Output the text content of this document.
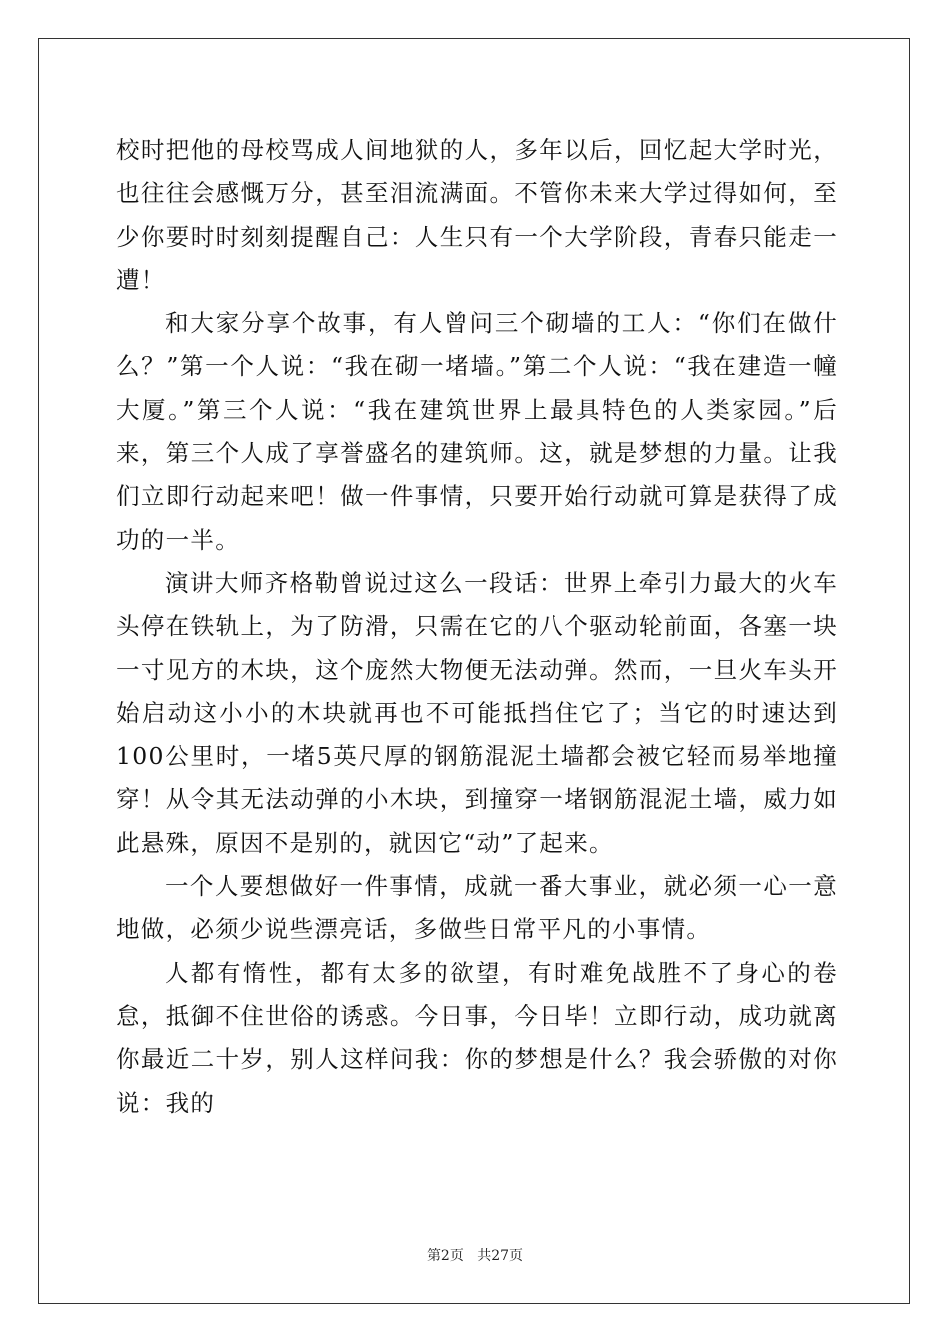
校时把他的母校骂成人间地狱的人，多年以后，回忆起大学时光，也往往会感慨万分，甚至泪流满面。不管你未来大学过得如何，至少你要时时刻刻提醒自己：人生只有一个大学阶段，青春只能走一遭！

和大家分享个故事，有人曾问三个砌墙的工人：“你们在做什么？”第一个人说：“我在砌一堵墙。”第二个人说：“我在建造一幢大厦。”第三个人说：“我在建筑世界上最具特色的人类家园。”后来，第三个人成了享誉盛名的建筑师。这，就是梦想的力量。让我们立即行动起来吧！做一件事情，只要开始行动就可算是获得了成功的一半。

演讲大师齐格勒曾说过这么一段话：世界上牵引力最大的火车头停在铁轨上，为了防滑，只需在它的八个驱动轮前面，各塞一块一寸见方的木块，这个庞然大物便无法动弹。然而，一旦火车头开始启动这小小的木块就再也不可能抵挡住它了；当它的时速达到100公里时，一堵5英尺厚的钢筋混泥土墙都会被它轻而易举地撞穿！从令其无法动弹的小木块，到撞穿一堵钢筋混泥土墙，威力如此悬殊，原因不是别的，就因它“动”了起来。

一个人要想做好一件事情，成就一番大事业，就必须一心一意地做，必须少说些漂亮话，多做些日常平凡的小事情。

人都有惰性，都有太多的欲望，有时难免战胜不了身心的卷怠，抵御不住世俗的诱惑。今日事，今日毕！立即行动，成功就离你最近二十岁，别人这样问我：你的梦想是什么？我会骄傲的对你说：我的

第2页 共27页
